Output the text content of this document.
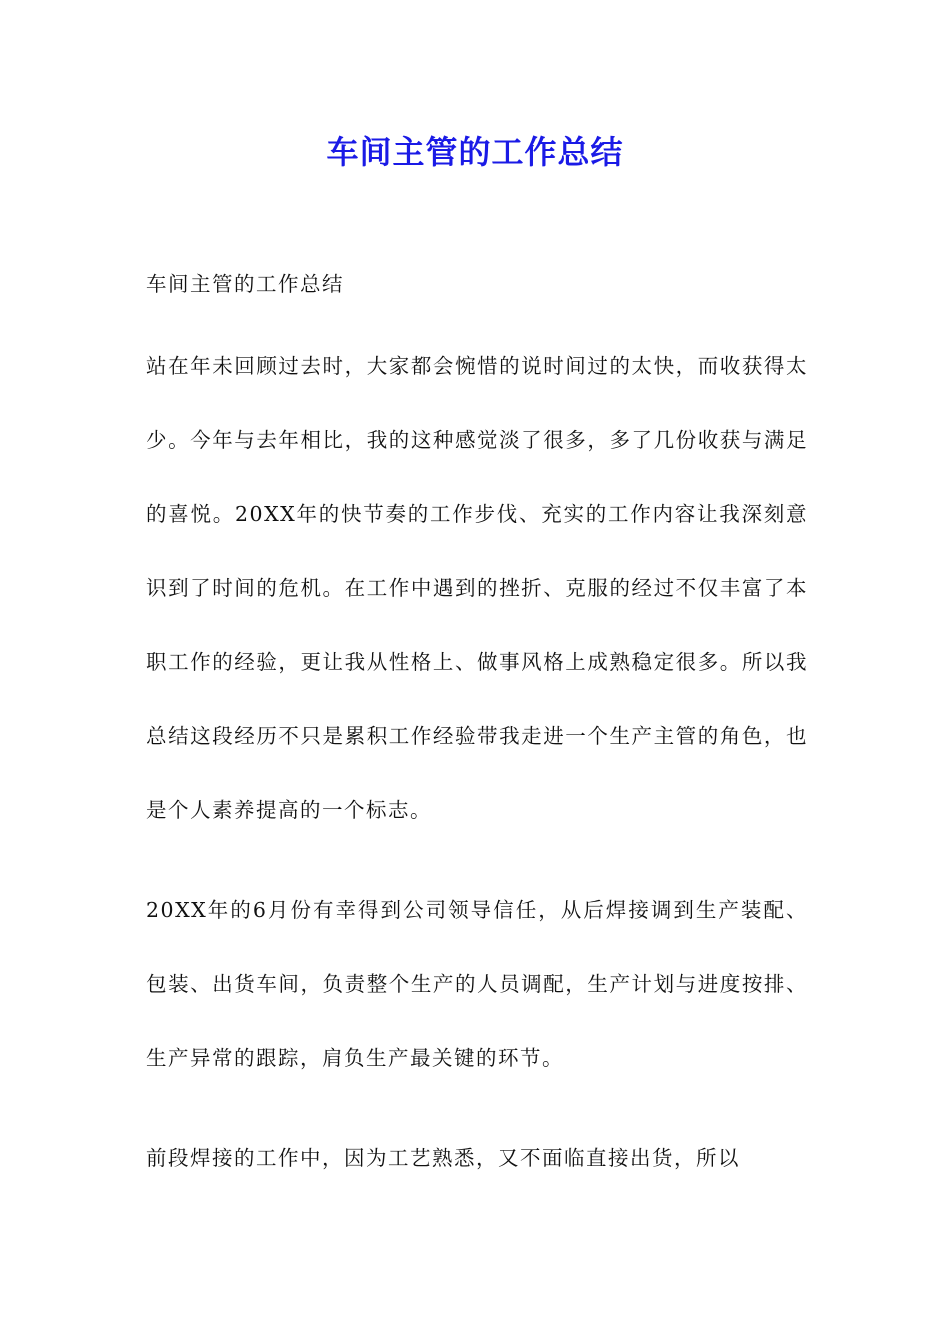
车间主管的工作总结
车间主管的工作总结
站在年未回顾过去时，大家都会惋惜的说时间过的太快，而收获得太少。今年与去年相比，我的这种感觉淡了很多，多了几份收获与满足的喜悦。20XX年的快节奏的工作步伐、充实的工作内容让我深刻意识到了时间的危机。在工作中遇到的挫折、克服的经过不仅丰富了本职工作的经验，更让我从性格上、做事风格上成熟稳定很多。所以我总结这段经历不只是累积工作经验带我走进一个生产主管的角色，也是个人素养提高的一个标志。
20XX年的6月份有幸得到公司领导信任，从后焊接调到生产装配、包装、出货车间，负责整个生产的人员调配，生产计划与进度按排、生产异常的跟踪，肩负生产最关键的环节。
前段焊接的工作中，因为工艺熟悉，又不面临直接出货，所以
